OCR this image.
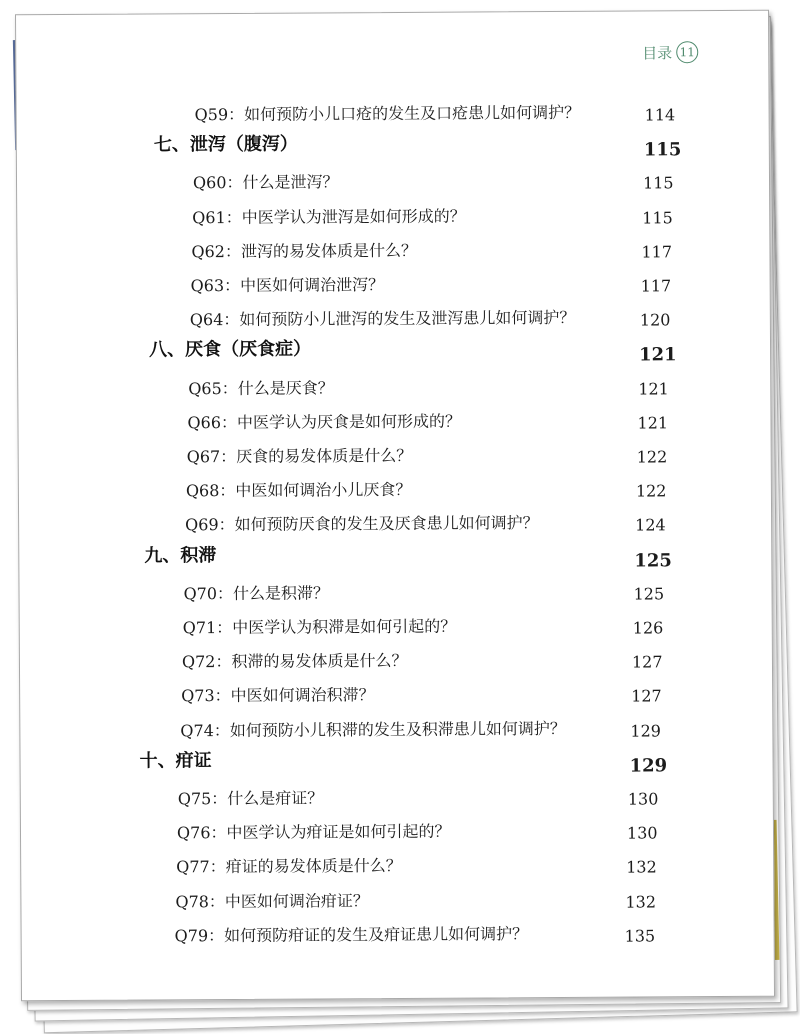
目录 11
Q59：如何预防小儿口疮的发生及口疮患儿如何调护？	114
七、泄泻（腹泻）	115
Q60：什么是泄泻？	115
Q61：中医学认为泄泻是如何形成的？	115
Q62：泄泻的易发体质是什么？	117
Q63：中医如何调治泄泻？	117
Q64：如何预防小儿泄泻的发生及泄泻患儿如何调护？	120
八、厌食（厌食症）	121
Q65：什么是厌食？	121
Q66：中医学认为厌食是如何形成的？	121
Q67：厌食的易发体质是什么？	122
Q68：中医如何调治小儿厌食？	122
Q69：如何预防厌食的发生及厌食患儿如何调护？	124
九、积滞	125
Q70：什么是积滞？	125
Q71：中医学认为积滞是如何引起的？	126
Q72：积滞的易发体质是什么？	127
Q73：中医如何调治积滞？	127
Q74：如何预防小儿积滞的发生及积滞患儿如何调护？	129
十、疳证	129
Q75：什么是疳证？	130
Q76：中医学认为疳证是如何引起的？	130
Q77：疳证的易发体质是什么？	132
Q78：中医如何调治疳证？	132
Q79：如何预防疳证的发生及疳证患儿如何调护？	135
